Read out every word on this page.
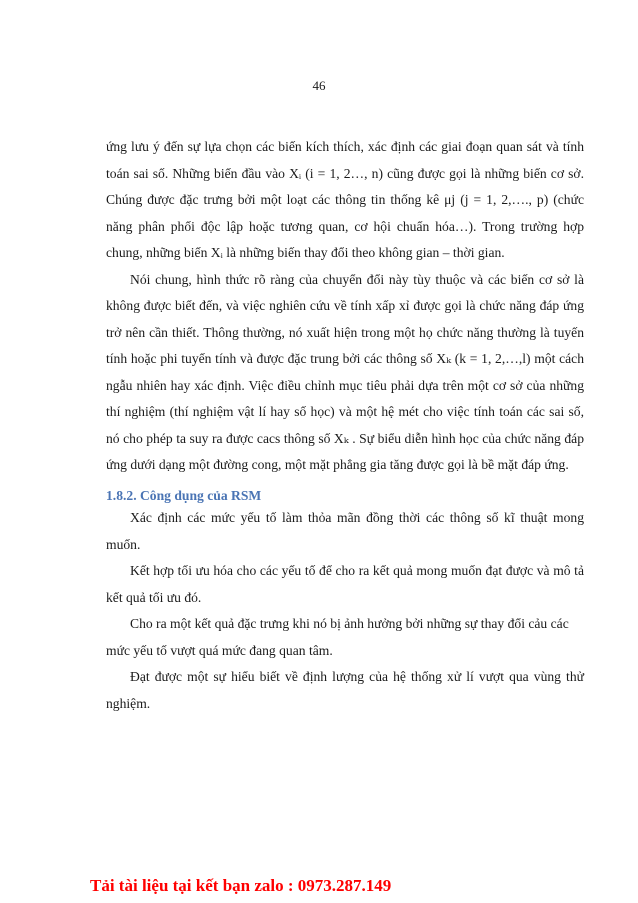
46

ứng lưu ý đến sự lựa chọn các biến kích thích, xác định các giai đoạn quan sát và tính toán sai số. Những biến đầu vào Xᵢ (i = 1, 2…, n) cũng được gọi là những biến cơ sở. Chúng được đặc trưng bởi một loạt các thông tin thống kê μj (j = 1, 2,…., p) (chức năng phân phối độc lập hoặc tương quan, cơ hội chuẩn hóa…). Trong trường hợp chung, những biến Xᵢ là những biến thay đổi theo không gian – thời gian.

Nói chung, hình thức rõ ràng của chuyển đổi này tùy thuộc và các biến cơ sở là không được biết đến, và việc nghiên cứu về tính xấp xỉ được gọi là chức năng đáp ứng trở nên cần thiết. Thông thường, nó xuất hiện trong một họ chức năng thường là tuyến tính hoặc phi tuyến tính và được đặc trung bởi các thông số Xₖ (k = 1, 2,…,l) một cách ngẫu nhiên hay xác định. Việc điều chỉnh mục tiêu phải dựa trên một cơ sở của những thí nghiệm (thí nghiệm vật lí hay số học) và một hệ mét cho việc tính toán các sai số, nó cho phép ta suy ra được cacs thông số Xₖ . Sự biểu diễn hình học của chức năng đáp ứng dưới dạng một đường cong, một mặt phẳng gia tăng được gọi là bề mặt đáp ứng.

1.8.2. Công dụng của RSM

Xác định các mức yếu tố làm thỏa mãn đồng thời các thông số kĩ thuật mong muốn.

Kết hợp tối ưu hóa cho các yếu tố để cho ra kết quả mong muốn đạt được và mô tả kết quả tối ưu đó.

Cho ra một kết quả đặc trưng khi nó bị ảnh hưởng bởi những sự thay đổi cảu các mức yếu tố vượt quá mức đang quan tâm.

Đạt được một sự hiểu biết về định lượng của hệ thống xử lí vượt qua vùng thử nghiệm.

Tải tài liệu tại kết bạn zalo : 0973.287.149
